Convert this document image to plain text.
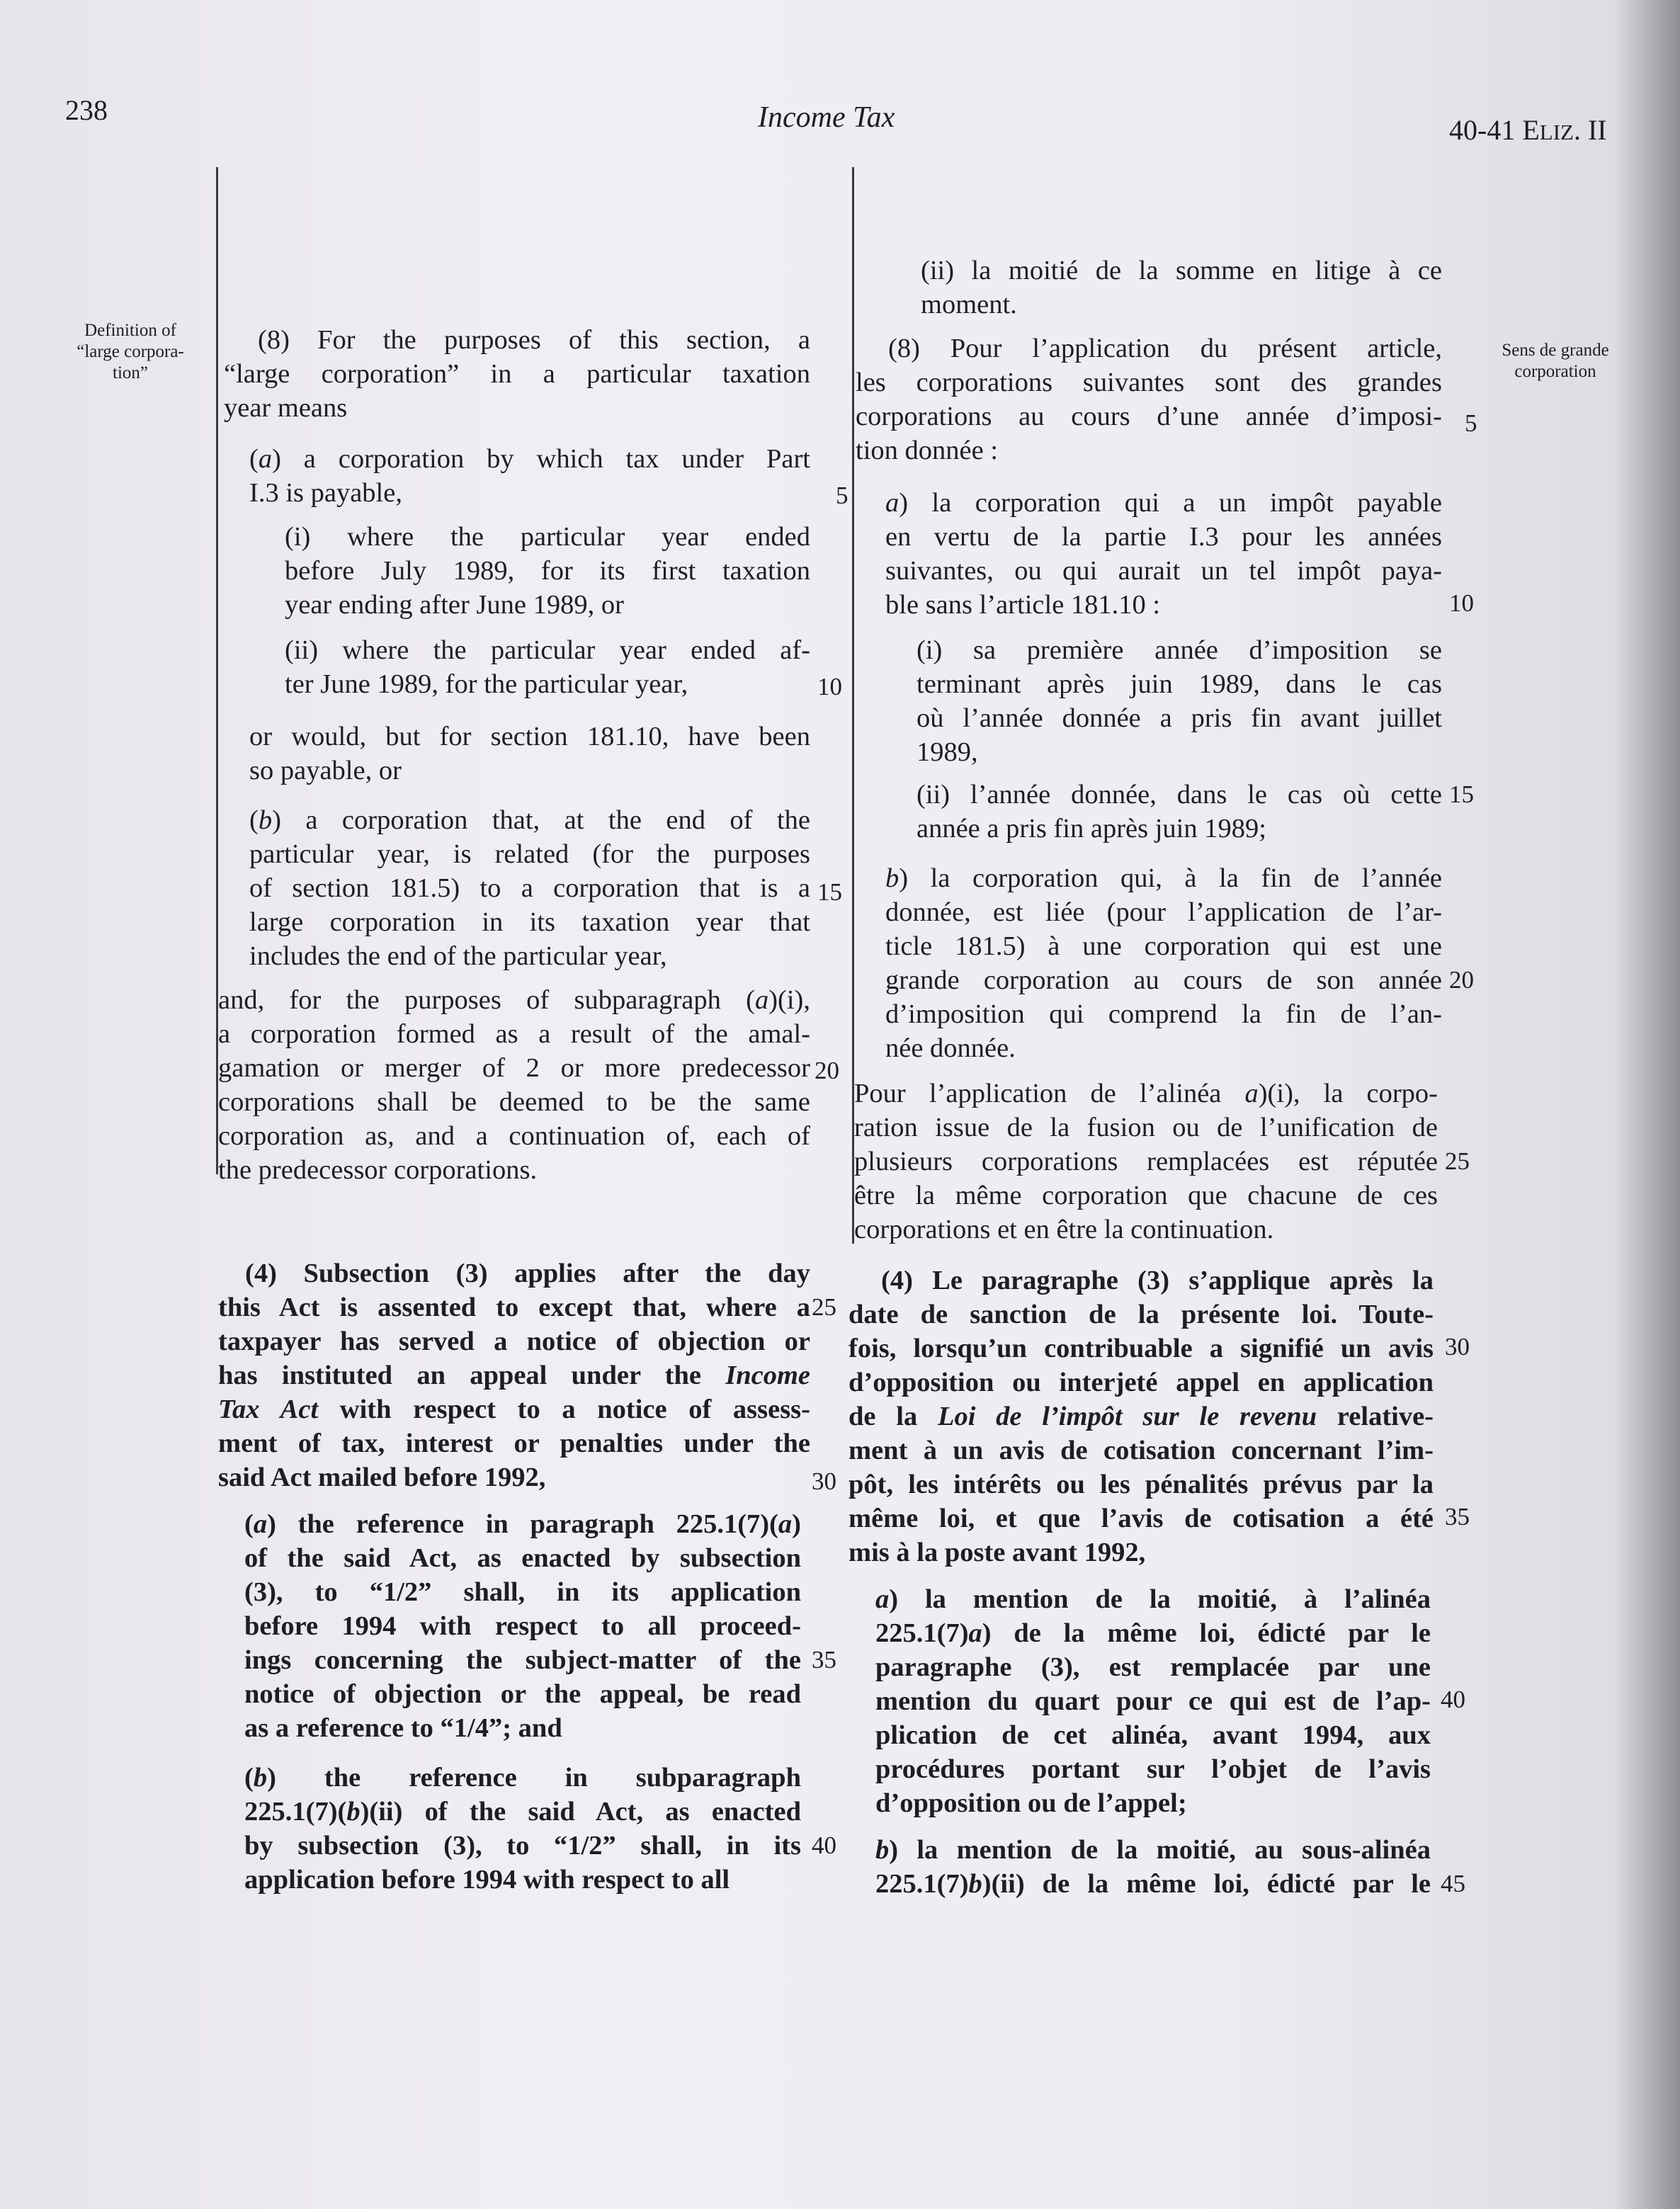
238	Income Tax	40-41 ELIZ. II
Definition of
“large corpora-
tion”
Sens de grande
corporation
(8) For the purposes of this section, a
“large corporation” in a particular taxation
year means
(a) a corporation by which tax under Part
I.3 is payable,
(i) where the particular year ended
before July 1989, for its first taxation
year ending after June 1989, or
(ii) where the particular year ended af-
ter June 1989, for the particular year,
or would, but for section 181.10, have been
so payable, or
(b) a corporation that, at the end of the
particular year, is related (for the purposes
of section 181.5) to a corporation that is a
large corporation in its taxation year that
includes the end of the particular year,
and, for the purposes of subparagraph (a)(i),
a corporation formed as a result of the amal-
gamation or merger of 2 or more predecessor
corporations shall be deemed to be the same
corporation as, and a continuation of, each of
the predecessor corporations.
(4) Subsection (3) applies after the day
this Act is assented to except that, where a
taxpayer has served a notice of objection or
has instituted an appeal under the Income
Tax Act with respect to a notice of assess-
ment of tax, interest or penalties under the
said Act mailed before 1992,
(a) the reference in paragraph 225.1(7)(a)
of the said Act, as enacted by subsection
(3), to “1/2” shall, in its application
before 1994 with respect to all proceed-
ings concerning the subject-matter of the
notice of objection or the appeal, be read
as a reference to “1/4”; and
(b) the reference in subparagraph
225.1(7)(b)(ii) of the said Act, as enacted
by subsection (3), to “1/2” shall, in its
application before 1994 with respect to all
5
10
15
20
25
30
35
40
(ii) la moitié de la somme en litige à ce
moment.
(8) Pour l’application du présent article,
les corporations suivantes sont des grandes
corporations au cours d’une année d’imposi-
tion donnée :
a) la corporation qui a un impôt payable
en vertu de la partie I.3 pour les années
suivantes, ou qui aurait un tel impôt paya-
ble sans l’article 181.10 :
(i) sa première année d’imposition se
terminant après juin 1989, dans le cas
où l’année donnée a pris fin avant juillet
1989,
(ii) l’année donnée, dans le cas où cette
année a pris fin après juin 1989;
b) la corporation qui, à la fin de l’année
donnée, est liée (pour l’application de l’ar-
ticle 181.5) à une corporation qui est une
grande corporation au cours de son année
d’imposition qui comprend la fin de l’an-
née donnée.
Pour l’application de l’alinéa a)(i), la corpo-
ration issue de la fusion ou de l’unification de
plusieurs corporations remplacées est réputée
être la même corporation que chacune de ces
corporations et en être la continuation.
(4) Le paragraphe (3) s’applique après la
date de sanction de la présente loi. Toute-
fois, lorsqu’un contribuable a signifié un avis
d’opposition ou interjeté appel en application
de la Loi de l’impôt sur le revenu relative-
ment à un avis de cotisation concernant l’im-
pôt, les intérêts ou les pénalités prévus par la
même loi, et que l’avis de cotisation a été
mis à la poste avant 1992,
a) la mention de la moitié, à l’alinéa
225.1(7)a) de la même loi, édicté par le
paragraphe (3), est remplacée par une
mention du quart pour ce qui est de l’ap-
plication de cet alinéa, avant 1994, aux
procédures portant sur l’objet de l’avis
d’opposition ou de l’appel;
b) la mention de la moitié, au sous-alinéa
225.1(7)b)(ii) de la même loi, édicté par le
5
10
15
20
25
30
35
40
45
